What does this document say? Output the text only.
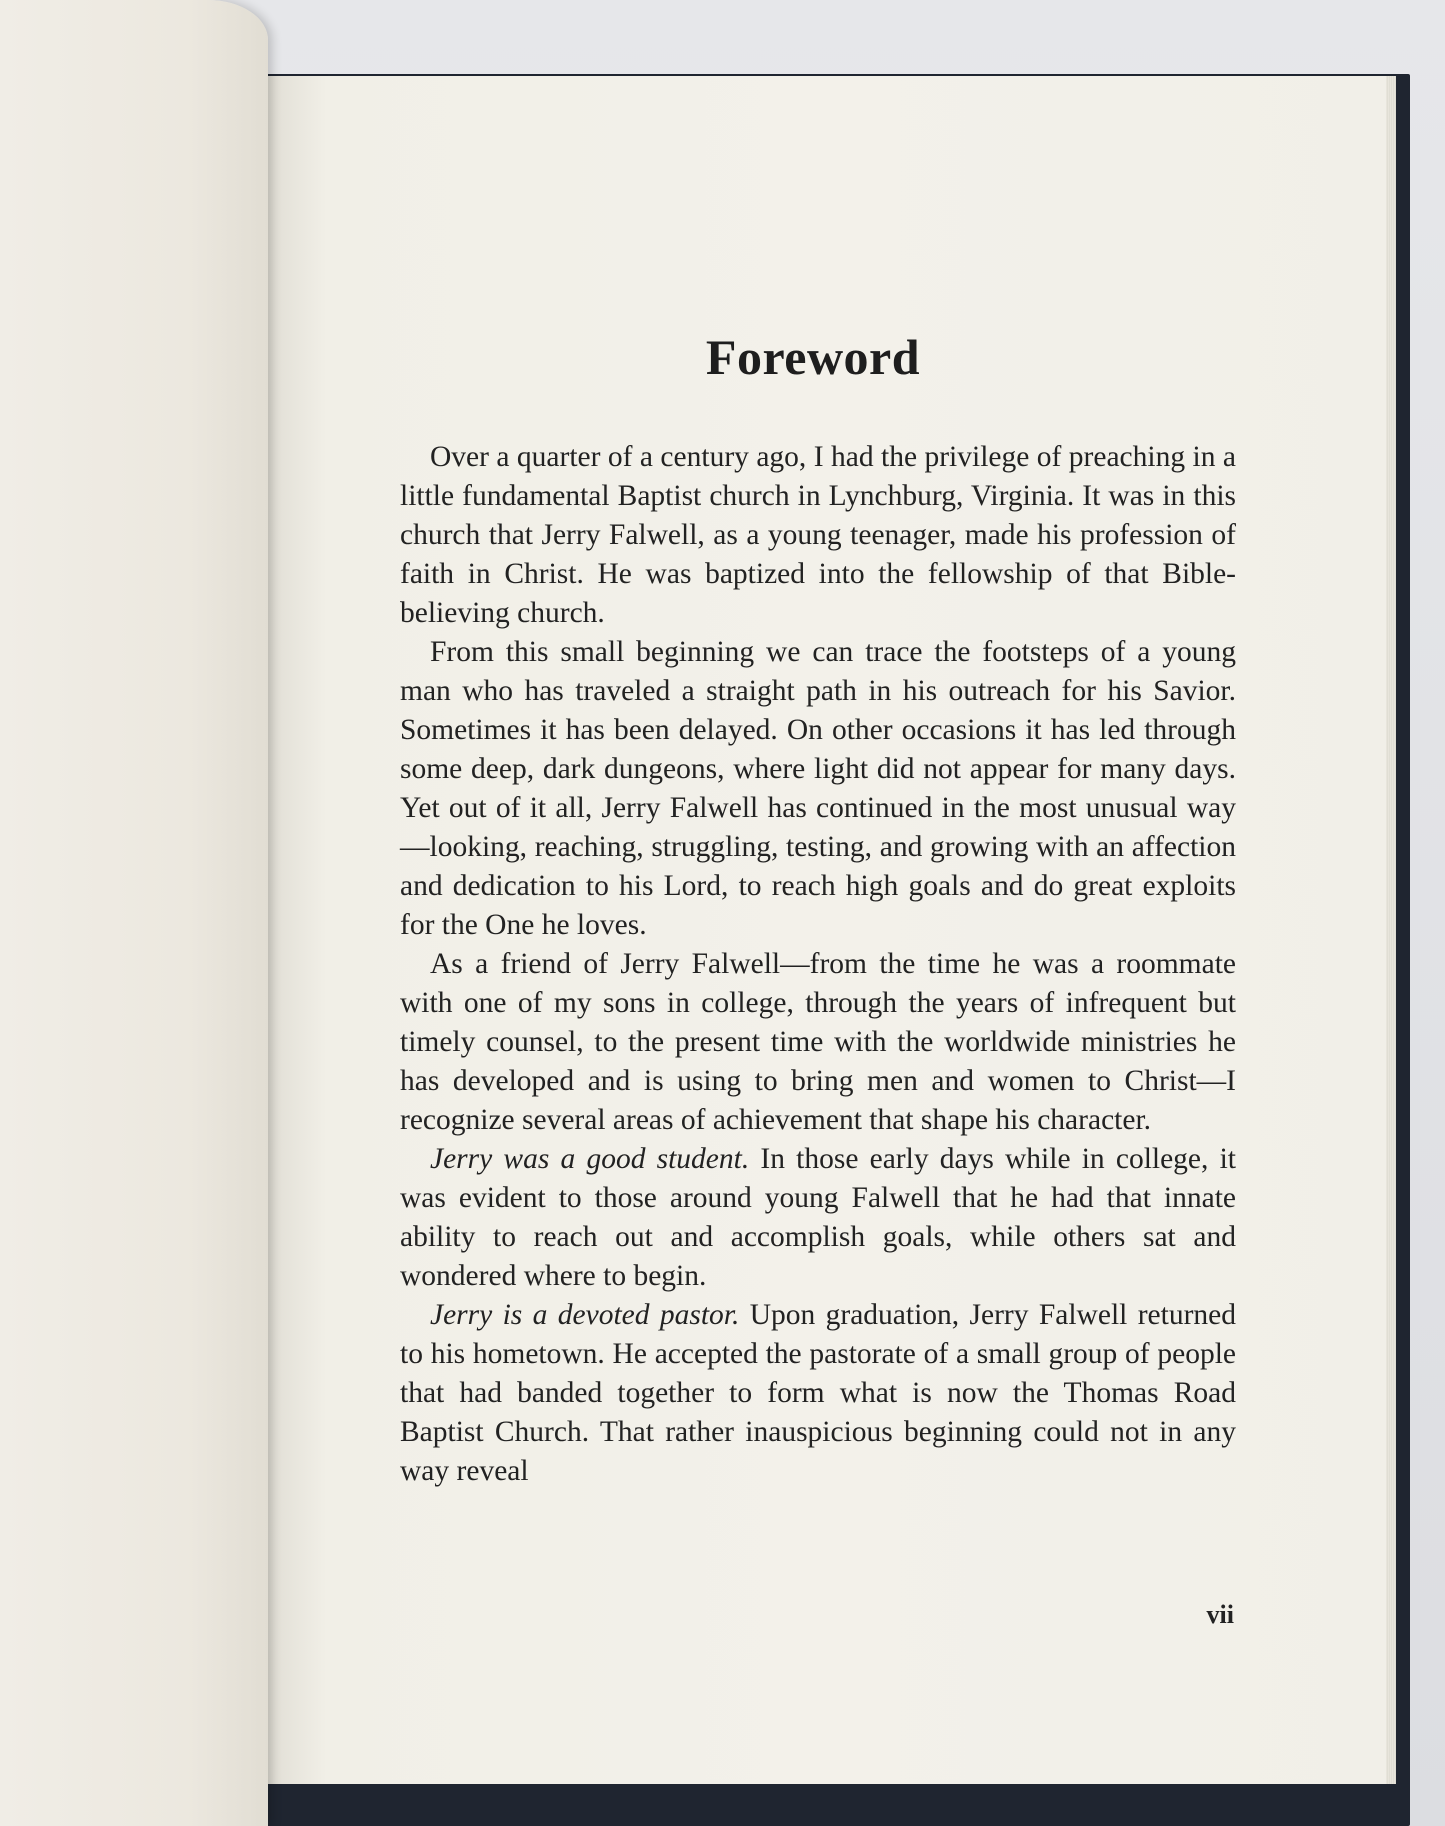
Foreword

Over a quarter of a century ago, I had the privilege of preaching in a little fundamental Baptist church in Lynchburg, Virginia. It was in this church that Jerry Falwell, as a young teenager, made his profession of faith in Christ. He was baptized into the fellowship of that Bible-believing church.

From this small beginning we can trace the footsteps of a young man who has traveled a straight path in his outreach for his Savior. Sometimes it has been delayed. On other occasions it has led through some deep, dark dungeons, where light did not appear for many days. Yet out of it all, Jerry Falwell has continued in the most unusual way—looking, reaching, struggling, testing, and growing with an affection and dedication to his Lord, to reach high goals and do great exploits for the One he loves.

As a friend of Jerry Falwell—from the time he was a roommate with one of my sons in college, through the years of infrequent but timely counsel, to the present time with the worldwide ministries he has developed and is using to bring men and women to Christ—I recognize several areas of achievement that shape his character.

Jerry was a good student. In those early days while in college, it was evident to those around young Falwell that he had that innate ability to reach out and accomplish goals, while others sat and wondered where to begin.

Jerry is a devoted pastor. Upon graduation, Jerry Falwell returned to his hometown. He accepted the pastorate of a small group of people that had banded together to form what is now the Thomas Road Baptist Church. That rather inauspicious beginning could not in any way reveal

vii
